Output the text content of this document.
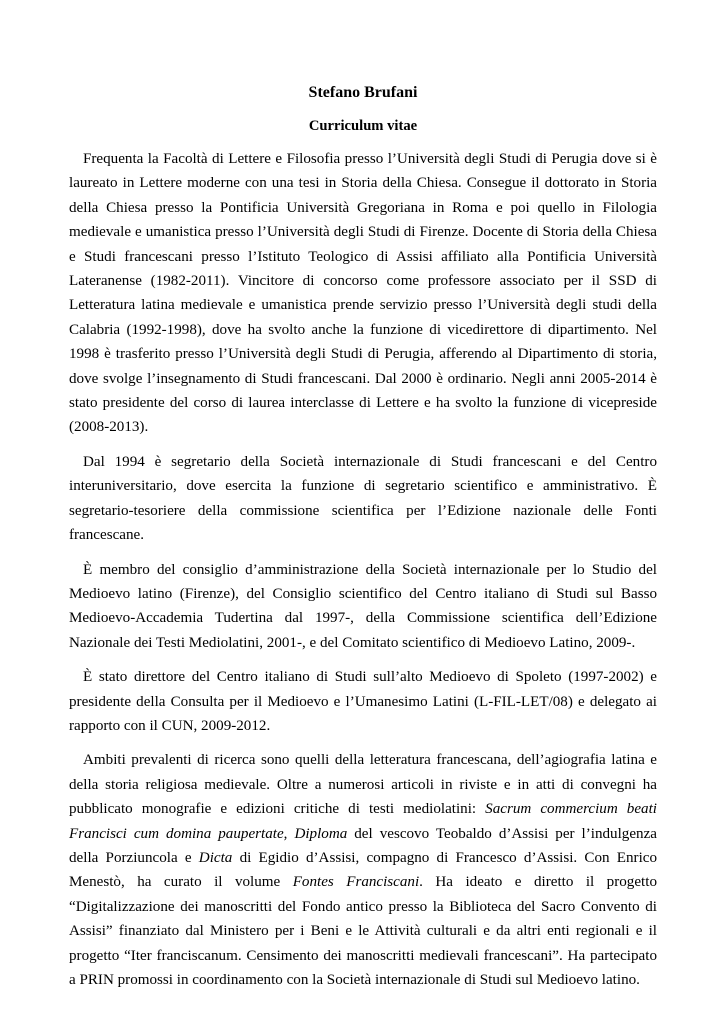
Stefano Brufani
Curriculum vitae

Frequenta la Facoltà di Lettere e Filosofia presso l’Università degli Studi di Perugia dove si è laureato in Lettere moderne con una tesi in Storia della Chiesa. Consegue il dottorato in Storia della Chiesa presso la Pontificia Università Gregoriana in Roma e poi quello in Filologia medievale e umanistica presso l’Università degli Studi di Firenze. Docente di Storia della Chiesa e Studi francescani presso l’Istituto Teologico di Assisi affiliato alla Pontificia Università Lateranense (1982-2011). Vincitore di concorso come professore associato per il SSD di Letteratura latina medievale e umanistica prende servizio presso l’Università degli studi della Calabria (1992-1998), dove ha svolto anche la funzione di vicedirettore di dipartimento. Nel 1998 è trasferito presso l’Università degli Studi di Perugia, afferendo al Dipartimento di storia, dove svolge l’insegnamento di Studi francescani. Dal 2000 è ordinario. Negli anni 2005-2014 è stato presidente del corso di laurea interclasse di Lettere e ha svolto la funzione di vicepreside (2008-2013).

Dal 1994 è segretario della Società internazionale di Studi francescani e del Centro interuniversitario, dove esercita la funzione di segretario scientifico e amministrativo. È segretario-tesoriere della commissione scientifica per l’Edizione nazionale delle Fonti francescane.

È membro del consiglio d’amministrazione della Società internazionale per lo Studio del Medioevo latino (Firenze), del Consiglio scientifico del Centro italiano di Studi sul Basso Medioevo-Accademia Tudertina dal 1997-, della Commissione scientifica dell’Edizione Nazionale dei Testi Mediolatini, 2001-, e del Comitato scientifico di Medioevo Latino, 2009-.

È stato direttore del Centro italiano di Studi sull’alto Medioevo di Spoleto (1997-2002) e presidente della Consulta per il Medioevo e l’Umanesimo Latini (L-FIL-LET/08) e delegato ai rapporto con il CUN, 2009-2012.

Ambiti prevalenti di ricerca sono quelli della letteratura francescana, dell’agiografia latina e della storia religiosa medievale. Oltre a numerosi articoli in riviste e in atti di convegni ha pubblicato monografie e edizioni critiche di testi mediolatini: Sacrum commercium beati Francisci cum domina paupertate, Diploma del vescovo Teobaldo d’Assisi per l’indulgenza della Porziuncola e Dicta di Egidio d’Assisi, compagno di Francesco d’Assisi. Con Enrico Menestò, ha curato il volume Fontes Franciscani. Ha ideato e diretto il progetto “Digitalizzazione dei manoscritti del Fondo antico presso la Biblioteca del Sacro Convento di Assisi” finanziato dal Ministero per i Beni e le Attività culturali e da altri enti regionali e il progetto “Iter franciscanum. Censimento dei manoscritti medievali francescani”. Ha partecipato a PRIN promossi in coordinamento con la Società internazionale di Studi sul Medioevo latino.
